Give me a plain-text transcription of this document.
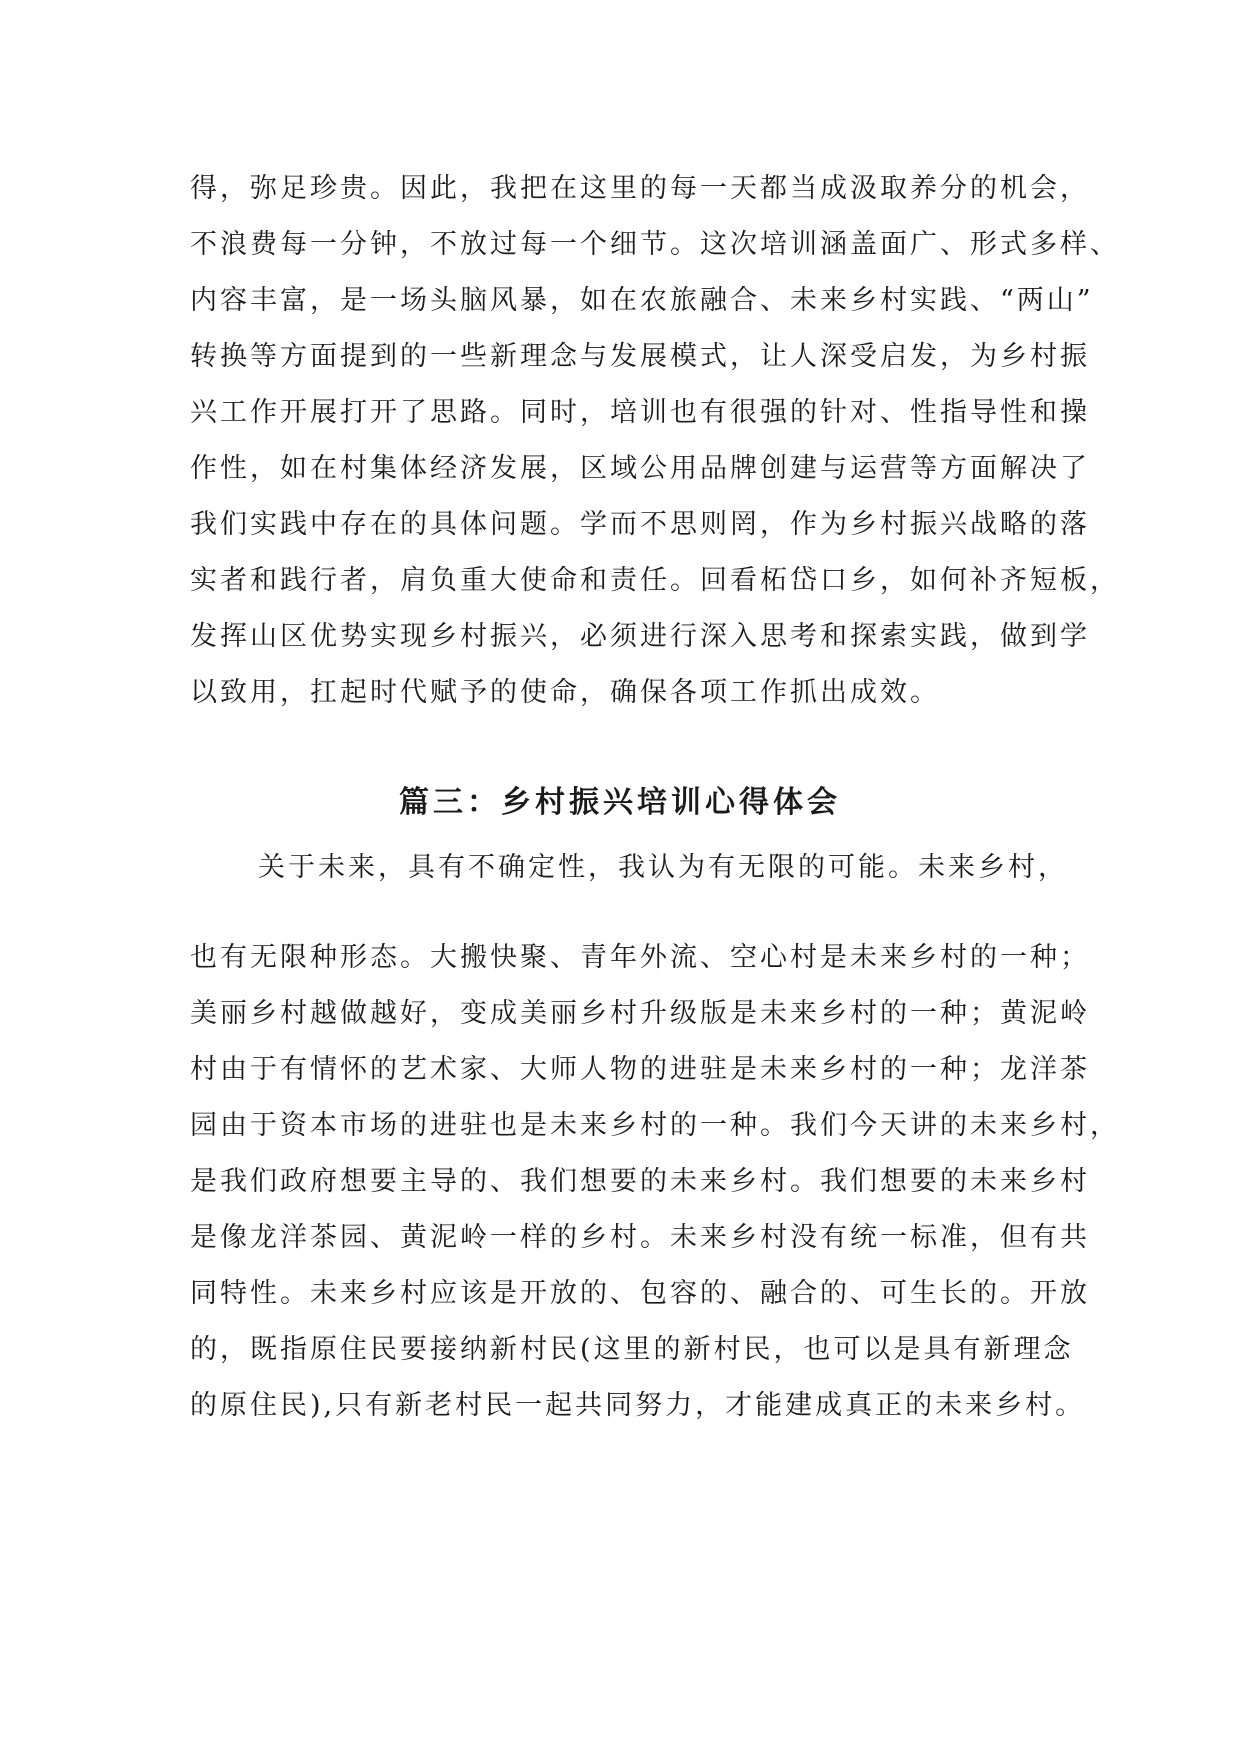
得，弥足珍贵。因此，我把在这里的每一天都当成汲取养分的机会，
不浪费每一分钟，不放过每一个细节。这次培训涵盖面广、形式多样、
内容丰富，是一场头脑风暴，如在农旅融合、未来乡村实践、“两山”
转换等方面提到的一些新理念与发展模式，让人深受启发，为乡村振
兴工作开展打开了思路。同时，培训也有很强的针对、性指导性和操
作性，如在村集体经济发展，区域公用品牌创建与运营等方面解决了
我们实践中存在的具体问题。学而不思则罔，作为乡村振兴战略的落
实者和践行者，肩负重大使命和责任。回看柘岱口乡，如何补齐短板，
发挥山区优势实现乡村振兴，必须进行深入思考和探索实践，做到学
以致用，扛起时代赋予的使命，确保各项工作抓出成效。
篇三：乡村振兴培训心得体会
关于未来，具有不确定性，我认为有无限的可能。未来乡村，
也有无限种形态。大搬快聚、青年外流、空心村是未来乡村的一种；
美丽乡村越做越好，变成美丽乡村升级版是未来乡村的一种；黄泥岭
村由于有情怀的艺术家、大师人物的进驻是未来乡村的一种；龙洋茶
园由于资本市场的进驻也是未来乡村的一种。我们今天讲的未来乡村，
是我们政府想要主导的、我们想要的未来乡村。我们想要的未来乡村
是像龙洋茶园、黄泥岭一样的乡村。未来乡村没有统一标准，但有共
同特性。未来乡村应该是开放的、包容的、融合的、可生长的。开放
的，既指原住民要接纳新村民(这里的新村民，也可以是具有新理念
的原住民),只有新老村民一起共同努力，才能建成真正的未来乡村。
